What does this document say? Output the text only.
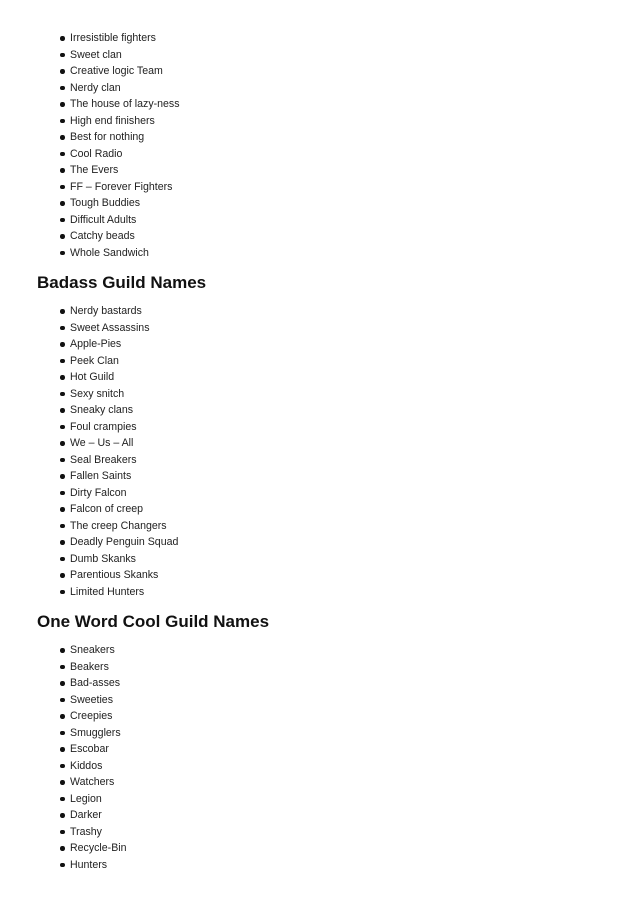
Irresistible fighters
Sweet clan
Creative logic Team
Nerdy clan
The house of lazy-ness
High end finishers
Best for nothing
Cool Radio
The Evers
FF – Forever Fighters
Tough Buddies
Difficult Adults
Catchy beads
Whole Sandwich
Badass Guild Names
Nerdy bastards
Sweet Assassins
Apple-Pies
Peek Clan
Hot Guild
Sexy snitch
Sneaky clans
Foul crampies
We – Us – All
Seal Breakers
Fallen Saints
Dirty Falcon
Falcon of creep
The creep Changers
Deadly Penguin Squad
Dumb Skanks
Parentious Skanks
Limited Hunters
One Word Cool Guild Names
Sneakers
Beakers
Bad-asses
Sweeties
Creepies
Smugglers
Escobar
Kiddos
Watchers
Legion
Darker
Trashy
Recycle-Bin
Hunters
